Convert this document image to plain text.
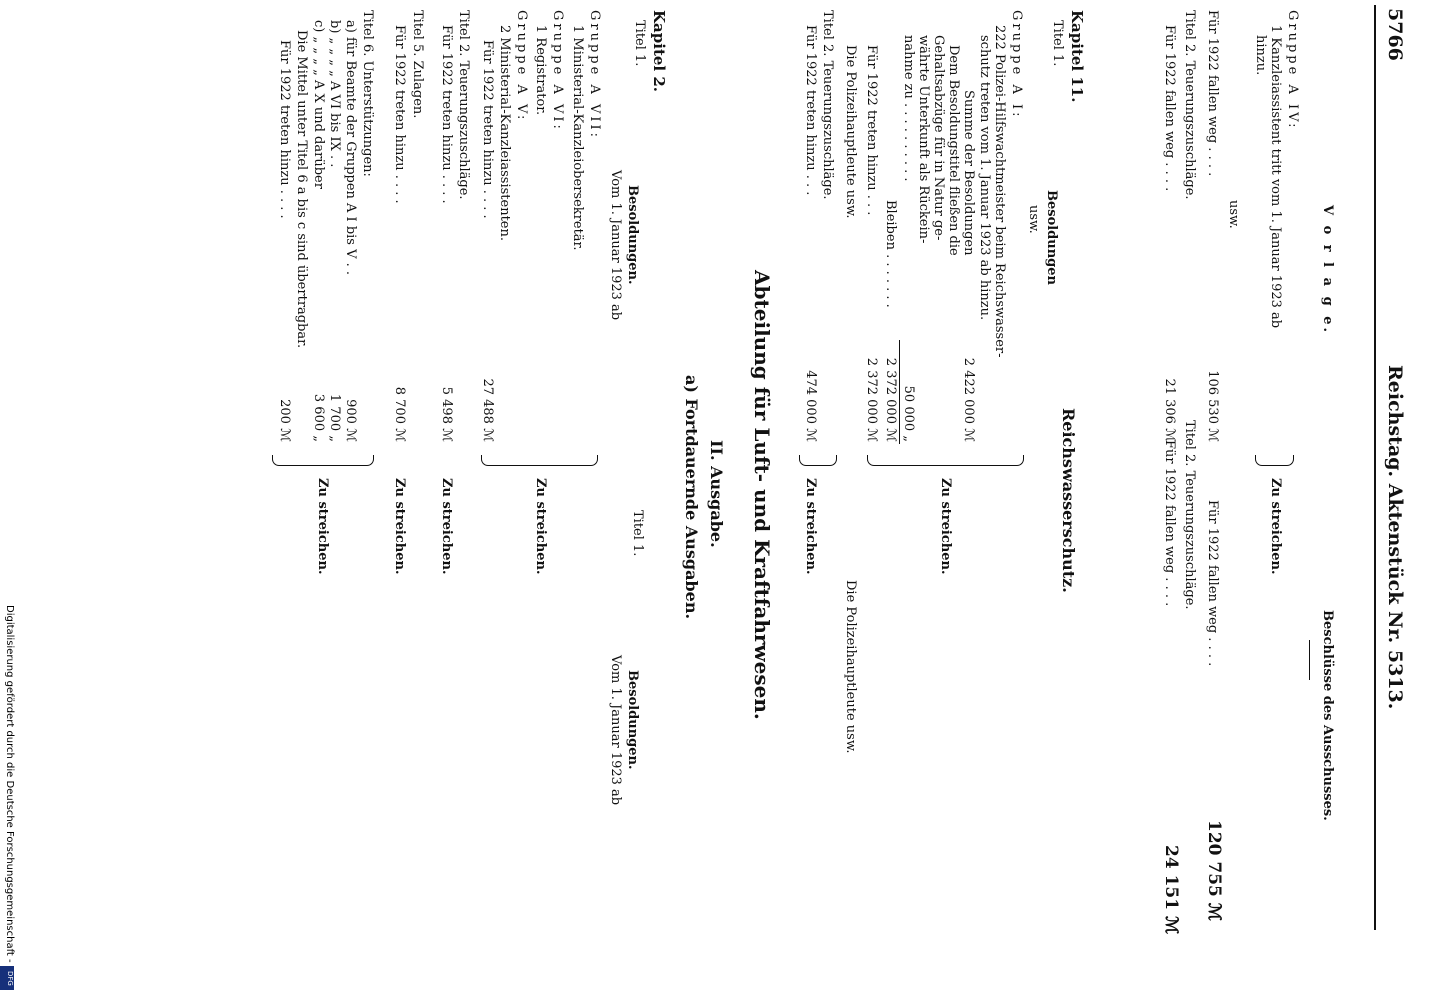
5766
Reichstag. Aktenstück Nr. 5313.
V o r l a g e.
Beschlüsse des Ausschusses.
Gruppe A IV:
1 Kanzleiassistent tritt vom 1. Januar 1923 ab
hinzu.
Zu streichen.
usw.
Für 1922 fallen weg . . . .
106 530 ℳ
Für 1922 fallen weg . . . .
120 755 ℳ
Titel 2. Teuerungszuschläge.
Titel 2. Teuerungszuschläge.
Für 1922 fallen weg . . . .
21 306 ℳ
Für 1922 fallen weg . . . .
24 151 ℳ
Reichswasserschutz.
Kapitel 11.
Titel 1.
Besoldungen
usw.
Gruppe A I:
222 Polizei-Hilfswachtmeister beim Reichswasser-
schutz treten vom 1. Januar 1923 ab hinzu.
Summe der Besoldungen
2 422 000 ℳ
Dem Besoldungstitel fließen die
Gehaltsabzüge für in Natur ge-
währte Unterkunft als Rückein-
nahme zu . . . . . . . . . .
50 000 „
Bleiben . . . . . . .
2 372 000 ℳ
Für 1922 treten hinzu . . .
2 372 000 ℳ
Zu streichen.
Die Polizeihauptleute usw.
Die Polizeihauptleute usw.
Titel 2. Teuerungszuschläge.
Für 1922 treten hinzu . . .
474 000 ℳ
Zu streichen.
Abteilung für Luft- und Kraftfahrwesen.
II. Ausgabe.
a) Fortdauernde Ausgaben.
Kapitel 2.
Titel 1.
Besoldungen.
Titel 1.
Besoldungen.
Vom 1. Januar 1923 ab
Vom 1. Januar 1923 ab
Gruppe A VII:
1 Ministerial-Kanzleiobersekretär.
Gruppe A VI:
1 Registrator.
Gruppe A V:
2 Ministerial-Kanzleiassistenten.
Für 1922 treten hinzu . . . .
27 488 ℳ
Zu streichen.
Titel 2. Teuerungszuschläge.
Für 1922 treten hinzu . . . .
5 498 ℳ
Zu streichen.
Titel 5. Zulagen.
Für 1922 treten hinzu . . . .
8 700 ℳ
Zu streichen.
Titel 6. Unterstützungen:
a) für Beamte der Gruppen A I bis V . .
900 ℳ
b) „ „ „ „ A VI bis IX . .
1 700 „
c) „ „ „ „ A X und darüber
3 600 „
Die Mittel unter Titel 6 a bis c sind übertragbar.
Für 1922 treten hinzu . . . .
200 ℳ
Zu streichen.
Digitalisierung gefördert durch die Deutsche Forschungsgemeinschaft -
DFG
